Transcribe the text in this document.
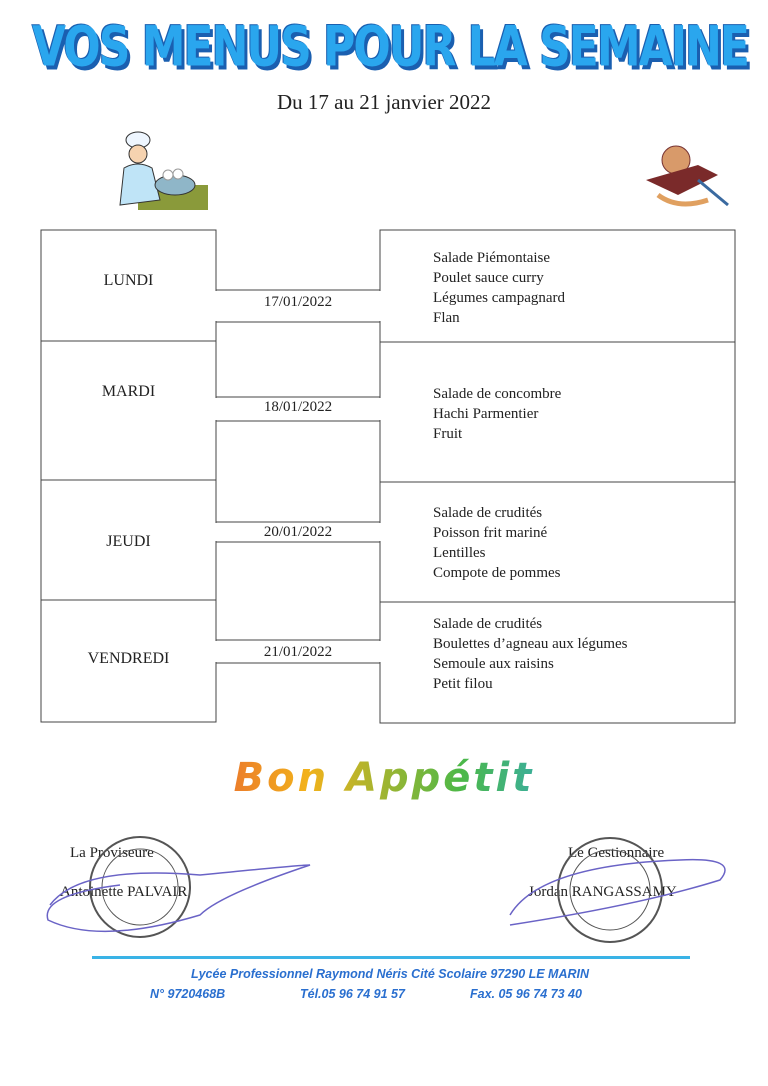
VOS MENUS POUR LA SEMAINE
Du 17 au 21 janvier 2022
LUNDI
17/01/2022
Salade Piémontaise
Poulet sauce curry
Légumes campagnard
Flan
MARDI
18/01/2022
Salade de concombre
Hachi Parmentier
Fruit
JEUDI
20/01/2022
Salade de crudités
Poisson frit mariné
Lentilles
Compote de pommes
VENDREDI	21/01/2022
Salade de crudités
Boulettes d’agneau aux légumes
Semoule aux raisins
Petit filou
Bon Appétit
La Proviseure
Antoinette PALVAIR
Le Gestionnaire
Jordan RANGASSAMY
Lycée Professionnel Raymond Néris Cité Scolaire 97290 LE MARIN
N° 9720468B	Tél.05 96 74 91 57	Fax. 05 96 74 73 40
